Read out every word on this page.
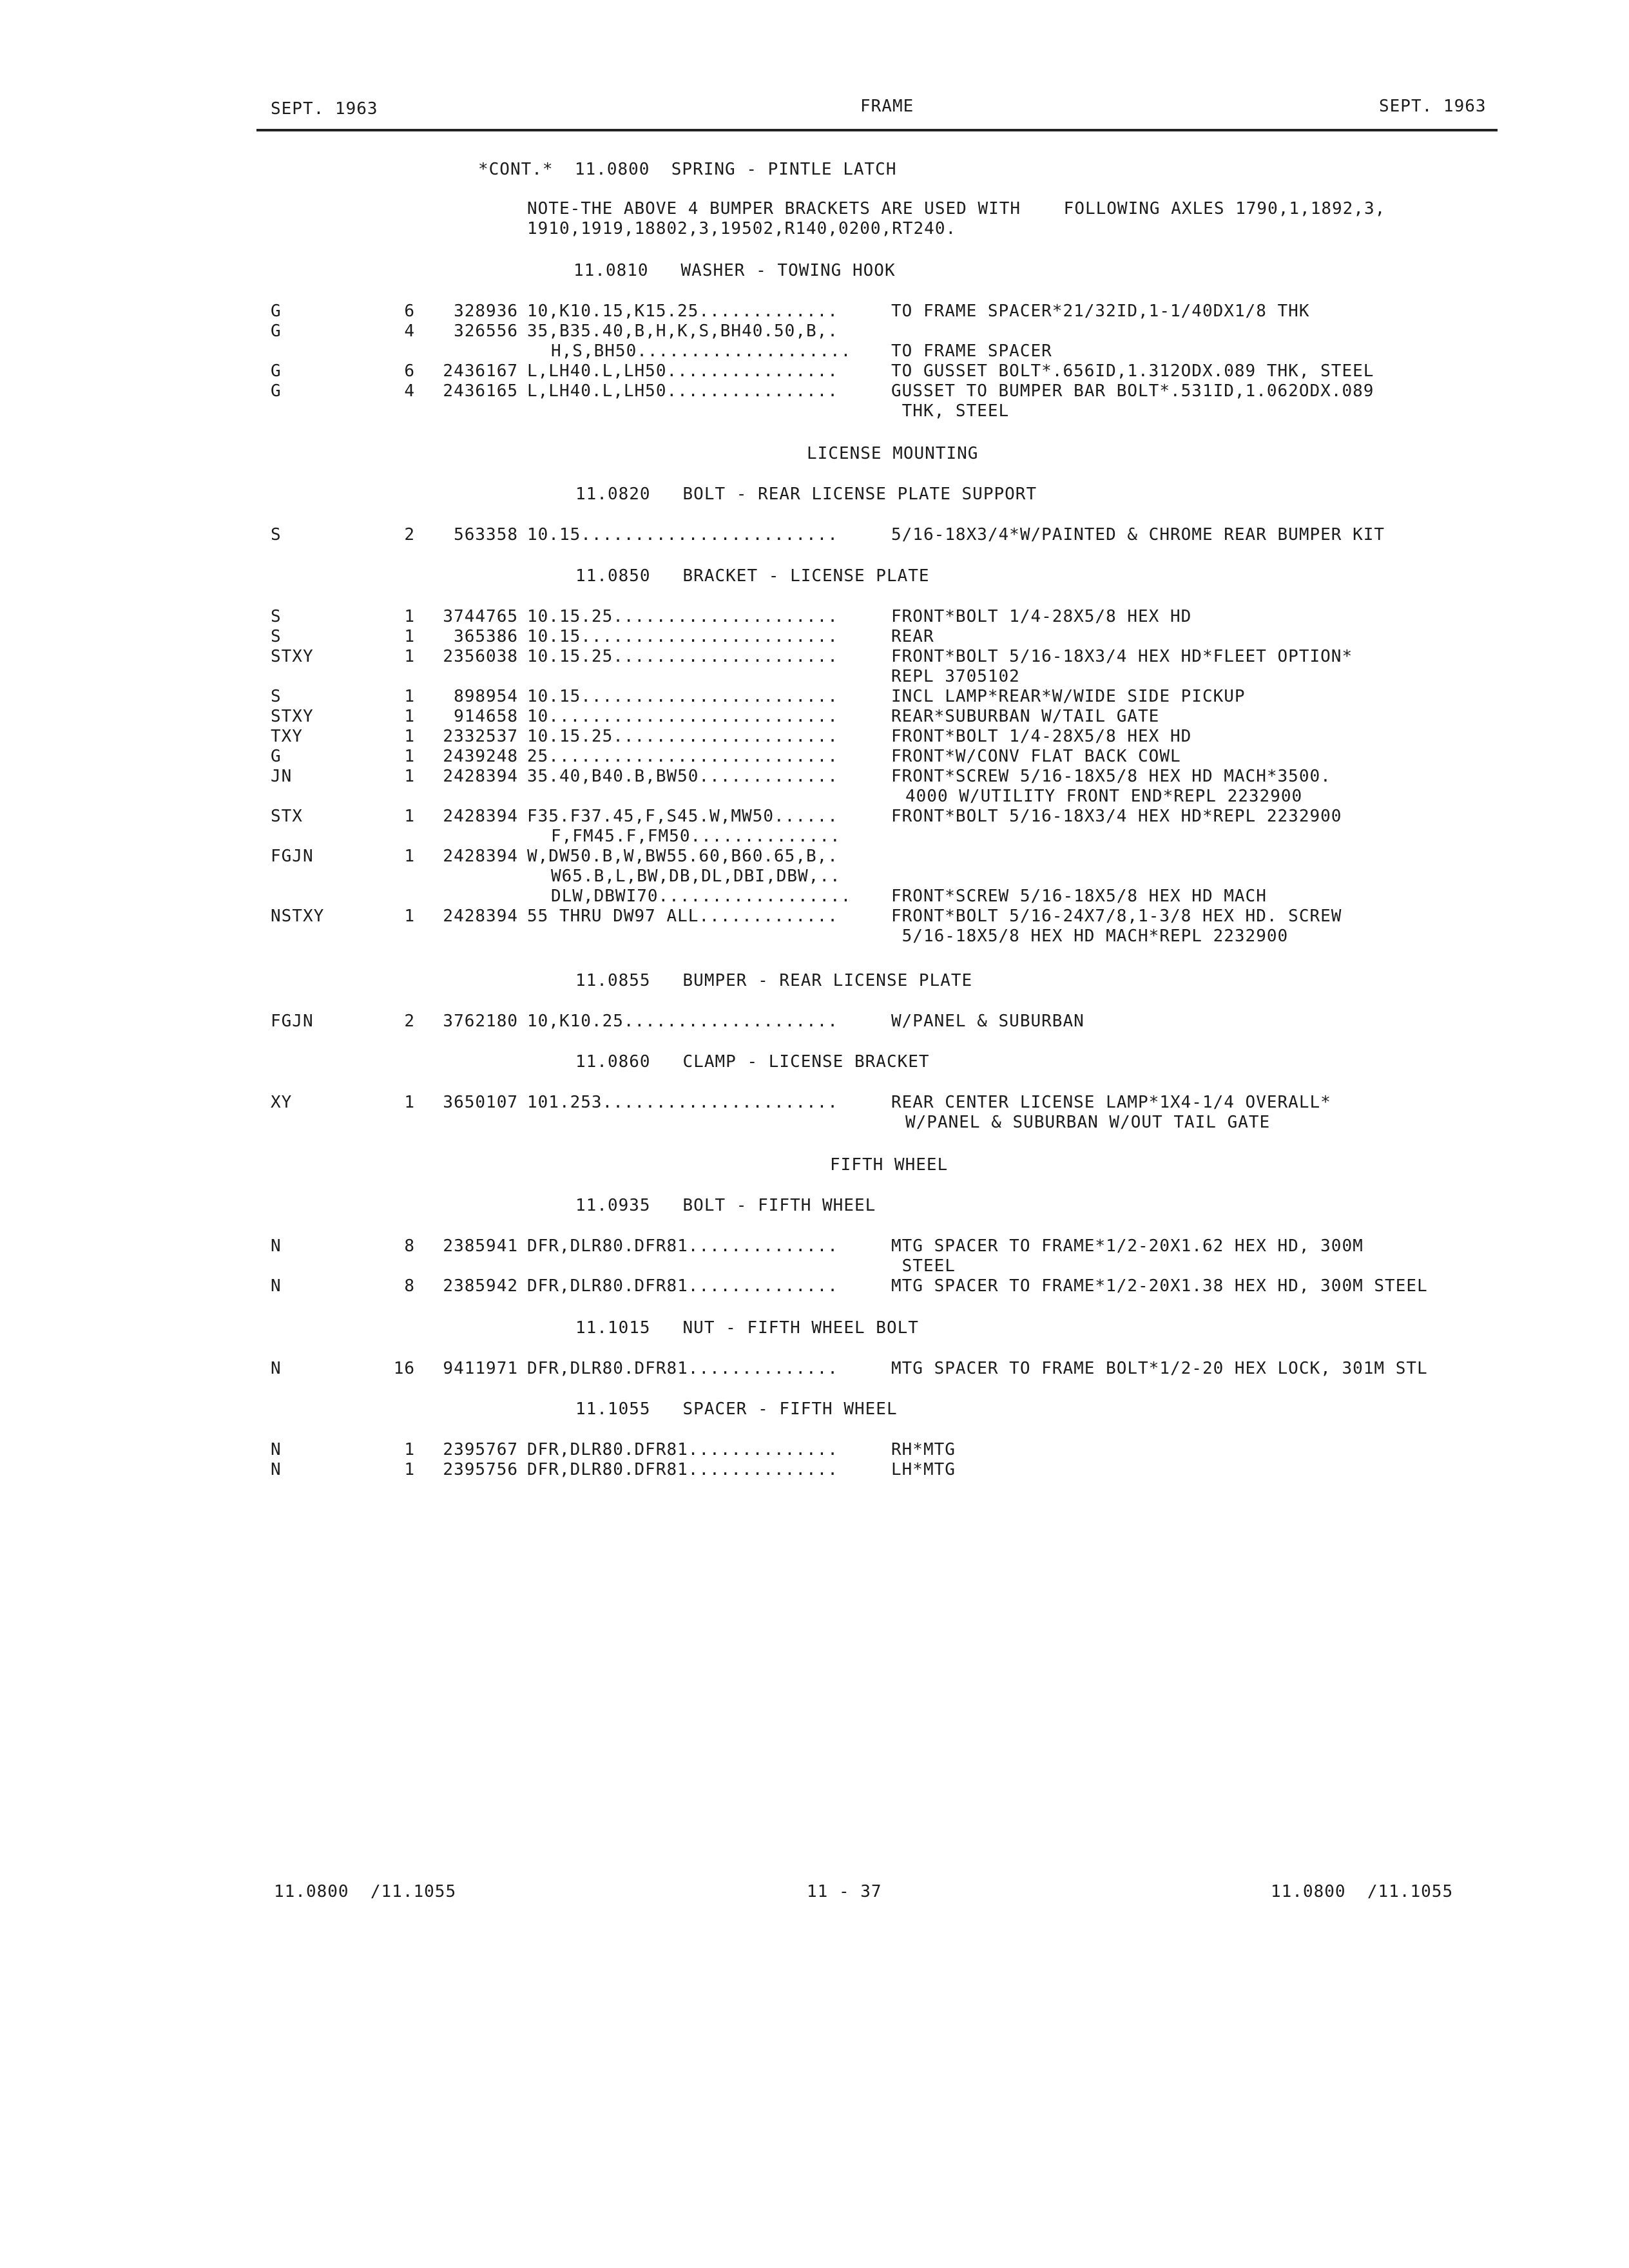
SEPT. 1963	FRAME	SEPT. 1963
*CONT.*  11.0800  SPRING - PINTLE LATCH
NOTE-THE ABOVE 4 BUMPER BRACKETS ARE USED WITH    FOLLOWING AXLES 1790,1,1892,3,
1910,1919,18802,3,19502,R140,0200,RT240.
11.0810   WASHER - TOWING HOOK
G	6	328936 10,K10.15,K15.25.............	TO FRAME SPACER*21/32ID,1-1/40DX1/8 THK
G	4	326556 35,B35.40,B,H,K,S,BH40.50,B,.
H,S,BH50.................... TO FRAME SPACER
G	6	2436167 L,LH40.L,LH50................	TO GUSSET BOLT*.656ID,1.312ODX.089 THK, STEEL
G	4	2436165 L,LH40.L,LH50................	GUSSET TO BUMPER BAR BOLT*.531ID,1.062ODX.089
THK, STEEL
LICENSE MOUNTING
11.0820   BOLT - REAR LICENSE PLATE SUPPORT
S	2	563358 10.15........................	5/16-18X3/4*W/PAINTED & CHROME REAR BUMPER KIT
11.0850   BRACKET - LICENSE PLATE
S	1	3744765 10.15.25.....................	FRONT*BOLT 1/4-28X5/8 HEX HD
S	1	365386 10.15........................	REAR
STXY	1	2356038 10.15.25.....................	FRONT*BOLT 5/16-18X3/4 HEX HD*FLEET OPTION*
REPL 3705102
S	1	898954 10.15........................	INCL LAMP*REAR*W/WIDE SIDE PICKUP
STXY	1	914658 10...........................	REAR*SUBURBAN W/TAIL GATE
TXY	1	2332537 10.15.25.....................	FRONT*BOLT 1/4-28X5/8 HEX HD
G	1	2439248 25...........................	FRONT*W/CONV FLAT BACK COWL
JN	1	2428394 35.40,B40.B,BW50.............	FRONT*SCREW 5/16-18X5/8 HEX HD MACH*3500.
4000 W/UTILITY FRONT END*REPL 2232900
STX	1	2428394 F35.F37.45,F,S45.W,MW50......	FRONT*BOLT 5/16-18X3/4 HEX HD*REPL 2232900
F,FM45.F,FM50..............
FGJN	1	2428394 W,DW50.B,W,BW55.60,B60.65,B,.
W65.B,L,BW,DB,DL,DBI,DBW,..
DLW,DBWI70.................. FRONT*SCREW 5/16-18X5/8 HEX HD MACH
NSTXY	1	2428394 55 THRU DW97 ALL.............	FRONT*BOLT 5/16-24X7/8,1-3/8 HEX HD. SCREW
5/16-18X5/8 HEX HD MACH*REPL 2232900
11.0855   BUMPER - REAR LICENSE PLATE
FGJN	2	3762180 10,K10.25....................	W/PANEL & SUBURBAN
11.0860   CLAMP - LICENSE BRACKET
XY	1	3650107 101.253......................	REAR CENTER LICENSE LAMP*1X4-1/4 OVERALL*
W/PANEL & SUBURBAN W/OUT TAIL GATE
FIFTH WHEEL
11.0935   BOLT - FIFTH WHEEL
N	8	2385941 DFR,DLR80.DFR81..............	MTG SPACER TO FRAME*1/2-20X1.62 HEX HD, 300M
STEEL
N	8	2385942 DFR,DLR80.DFR81..............	MTG SPACER TO FRAME*1/2-20X1.38 HEX HD, 300M STEEL
11.1015   NUT - FIFTH WHEEL BOLT
N	16	9411971 DFR,DLR80.DFR81..............	MTG SPACER TO FRAME BOLT*1/2-20 HEX LOCK, 301M STL
11.1055   SPACER - FIFTH WHEEL
N	1	2395767 DFR,DLR80.DFR81..............	RH*MTG
N	1	2395756 DFR,DLR80.DFR81..............	LH*MTG
11.0800  /11.1055	11 - 37	11.0800  /11.1055
